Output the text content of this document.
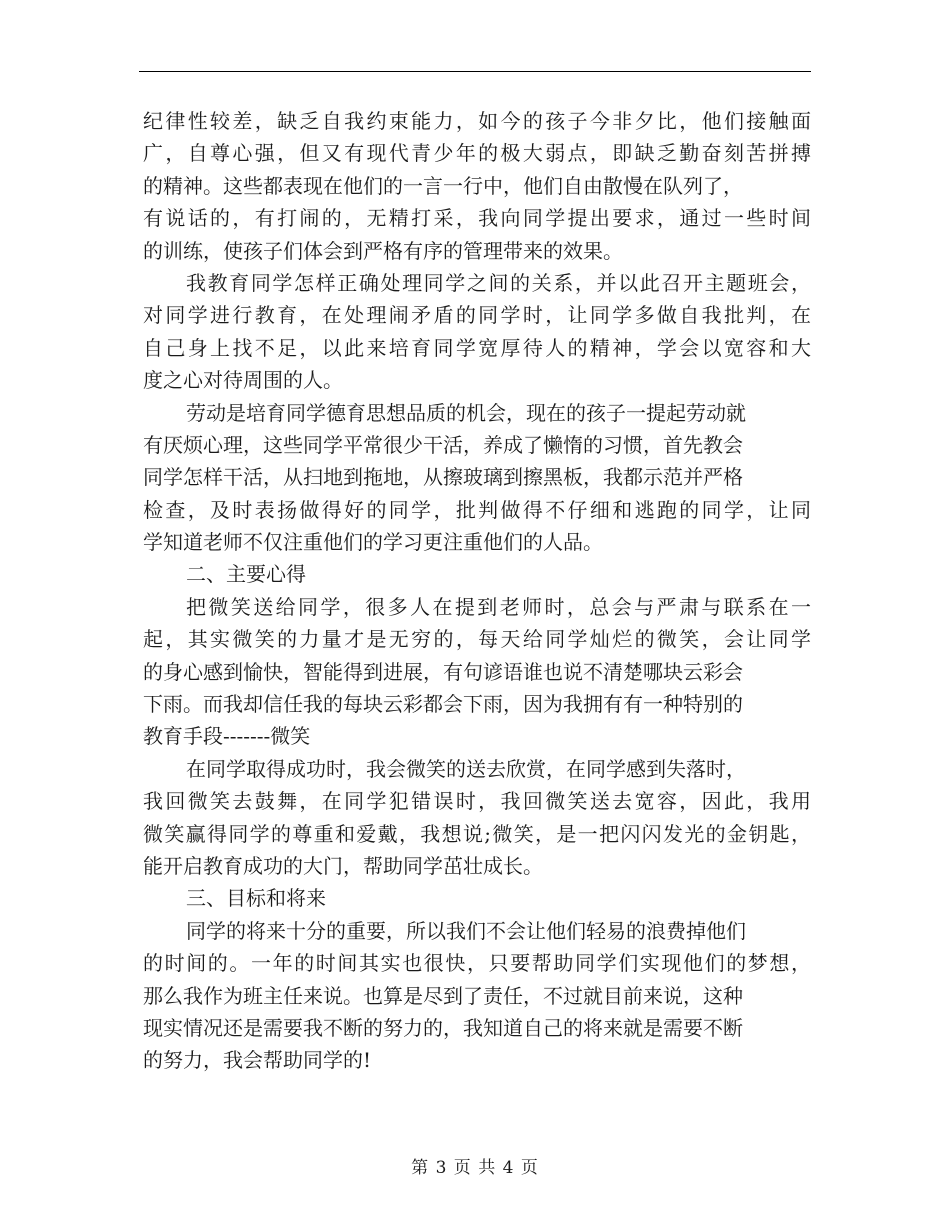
纪律性较差，缺乏自我约束能力，如今的孩子今非夕比，他们接触面
广，自尊心强，但又有现代青少年的极大弱点，即缺乏勤奋刻苦拼搏
的精神。这些都表现在他们的一言一行中，他们自由散慢在队列了，
有说话的，有打闹的，无精打采，我向同学提出要求，通过一些时间
的训练，使孩子们体会到严格有序的管理带来的效果。
我教育同学怎样正确处理同学之间的关系，并以此召开主题班会，
对同学进行教育，在处理闹矛盾的同学时，让同学多做自我批判，在
自己身上找不足，以此来培育同学宽厚待人的精神，学会以宽容和大
度之心对待周围的人。
劳动是培育同学德育思想品质的机会，现在的孩子一提起劳动就
有厌烦心理，这些同学平常很少干活，养成了懒惰的习惯，首先教会
同学怎样干活，从扫地到拖地，从擦玻璃到擦黑板，我都示范并严格
检查，及时表扬做得好的同学，批判做得不仔细和逃跑的同学，让同
学知道老师不仅注重他们的学习更注重他们的人品。
二、主要心得
把微笑送给同学，很多人在提到老师时，总会与严肃与联系在一
起，其实微笑的力量才是无穷的，每天给同学灿烂的微笑，会让同学
的身心感到愉快，智能得到进展，有句谚语谁也说不清楚哪块云彩会
下雨。而我却信任我的每块云彩都会下雨，因为我拥有有一种特别的
教育手段-------微笑
在同学取得成功时，我会微笑的送去欣赏，在同学感到失落时，
我回微笑去鼓舞，在同学犯错误时，我回微笑送去宽容，因此，我用
微笑赢得同学的尊重和爱戴，我想说;微笑，是一把闪闪发光的金钥匙，
能开启教育成功的大门，帮助同学茁壮成长。
三、目标和将来
同学的将来十分的重要，所以我们不会让他们轻易的浪费掉他们
的时间的。一年的时间其实也很快，只要帮助同学们实现他们的梦想，
那么我作为班主任来说。也算是尽到了责任，不过就目前来说，这种
现实情况还是需要我不断的努力的，我知道自己的将来就是需要不断
的努力，我会帮助同学的!
第 3 页 共 4 页
